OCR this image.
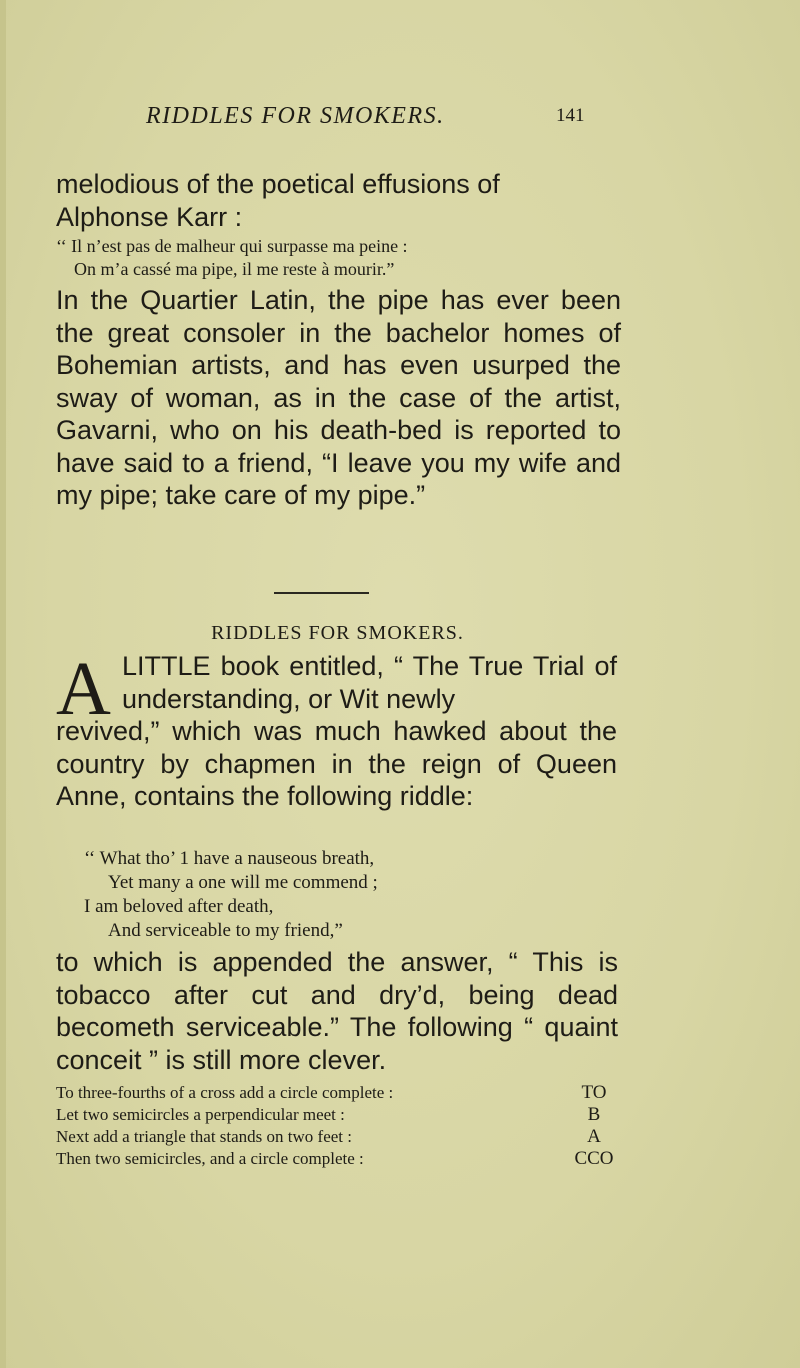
RIDDLES FOR SMOKERS.	141
melodious of the poetical effusions of Alphonse Karr :
‘‘ Il n’est pas de malheur qui surpasse ma peine :
On m’a cassé ma pipe, il me reste à mourir.”
In the Quartier Latin, the pipe has ever been the great consoler in the bachelor homes of Bohemian artists, and has even usurped the sway of woman, as in the case of the artist, Gavarni, who on his death-bed is reported to have said to a friend, “I leave you my wife and my pipe; take care of my pipe.”
RIDDLES FOR SMOKERS.
A LITTLE book entitled, “ The True Trial of understanding, or Wit newly
revived,” which was much hawked about the country by chapmen in the reign of Queen Anne, contains the following riddle:
‘‘ What tho’ 1 have a nauseous breath,
Yet many a one will me commend ;
I am beloved after death,
And serviceable to my friend,”
to which is appended the answer, “ This is tobacco after cut and dry’d, being dead becometh serviceable.” The following “ quaint conceit ” is still more clever.
To three-fourths of a cross add a circle complete :	TO
Let two semicircles a perpendicular meet :	B
Next add a triangle that stands on two feet :	A
Then two semicircles, and a circle complete :	CCO
